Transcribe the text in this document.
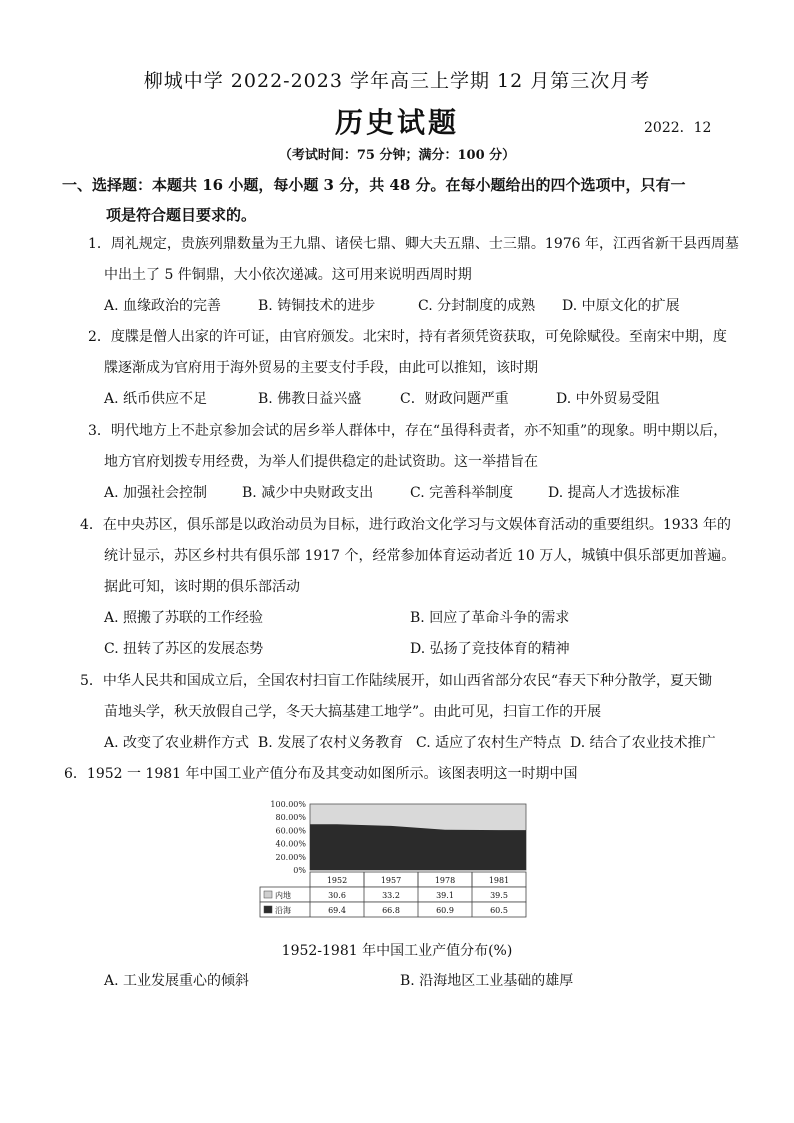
柳城中学 2022-2023 学年高三上学期 12 月第三次月考
历史试题	2022．12
（考试时间：75 分钟；满分：100 分）
一、选择题：本题共 16 小题，每小题 3 分，共 48 分。在每小题给出的四个选项中，只有一
项是符合题目要求的。
1．周礼规定，贵族列鼎数量为王九鼎、诸侯七鼎、卿大夫五鼎、士三鼎。1976 年，江西省新干县西周墓
中出土了 5 件铜鼎，大小依次递减。这可用来说明西周时期
A. 血缘政治的完善	B. 铸铜技术的进步	C. 分封制度的成熟 D. 中原文化的扩展
2．度牒是僧人出家的许可证，由官府颁发。北宋时，持有者须凭资获取，可免除赋役。至南宋中期，度
牒逐渐成为官府用于海外贸易的主要支付手段，由此可以推知，该时期
A. 纸币供应不足	B. 佛教日益兴盛	C．财政问题严重	D. 中外贸易受阻
3．明代地方上不赴京参加会试的居乡举人群体中，存在“虽得科责者，亦不知重”的现象。明中期以后，
地方官府划拨专用经费，为举人们提供稳定的赴试资助。这一举措旨在
A. 加强社会控制 B. 减少中央财政支出	C. 完善科举制度 D. 提高人才选拔标准
4．在中央苏区，俱乐部是以政治动员为目标，进行政治文化学习与文娱体育活动的重要组织。1933 年的
统计显示，苏区乡村共有俱乐部 1917 个，经常参加体育运动者近 10 万人，城镇中俱乐部更加普遍。
据此可知，该时期的俱乐部活动
A. 照搬了苏联的工作经验	B. 回应了革命斗争的需求
C. 扭转了苏区的发展态势	D. 弘扬了竞技体育的精神
5．中华人民共和国成立后，全国农村扫盲工作陆续展开，如山西省部分农民“春天下种分散学，夏天锄
苗地头学，秋天放假自己学，冬天大搞基建工地学”。由此可见，扫盲工作的开展
A. 改变了农业耕作方式 B. 发展了农村义务教育 C. 适应了农村生产特点 D. 结合了农业技术推广
6．1952 一 1981 年中国工业产值分布及其变动如图所示。该图表明这一时期中国
100.00%
80.00%
60.00%
40.00%
20.00%
0%
1952	1957	1978	1981
内地	30.6	33.2	39.1	39.5
沿海	69.4	66.8	60.9	60.5
1952-1981 年中国工业产值分布(%)
A. 工业发展重心的倾斜	B. 沿海地区工业基础的雄厚
